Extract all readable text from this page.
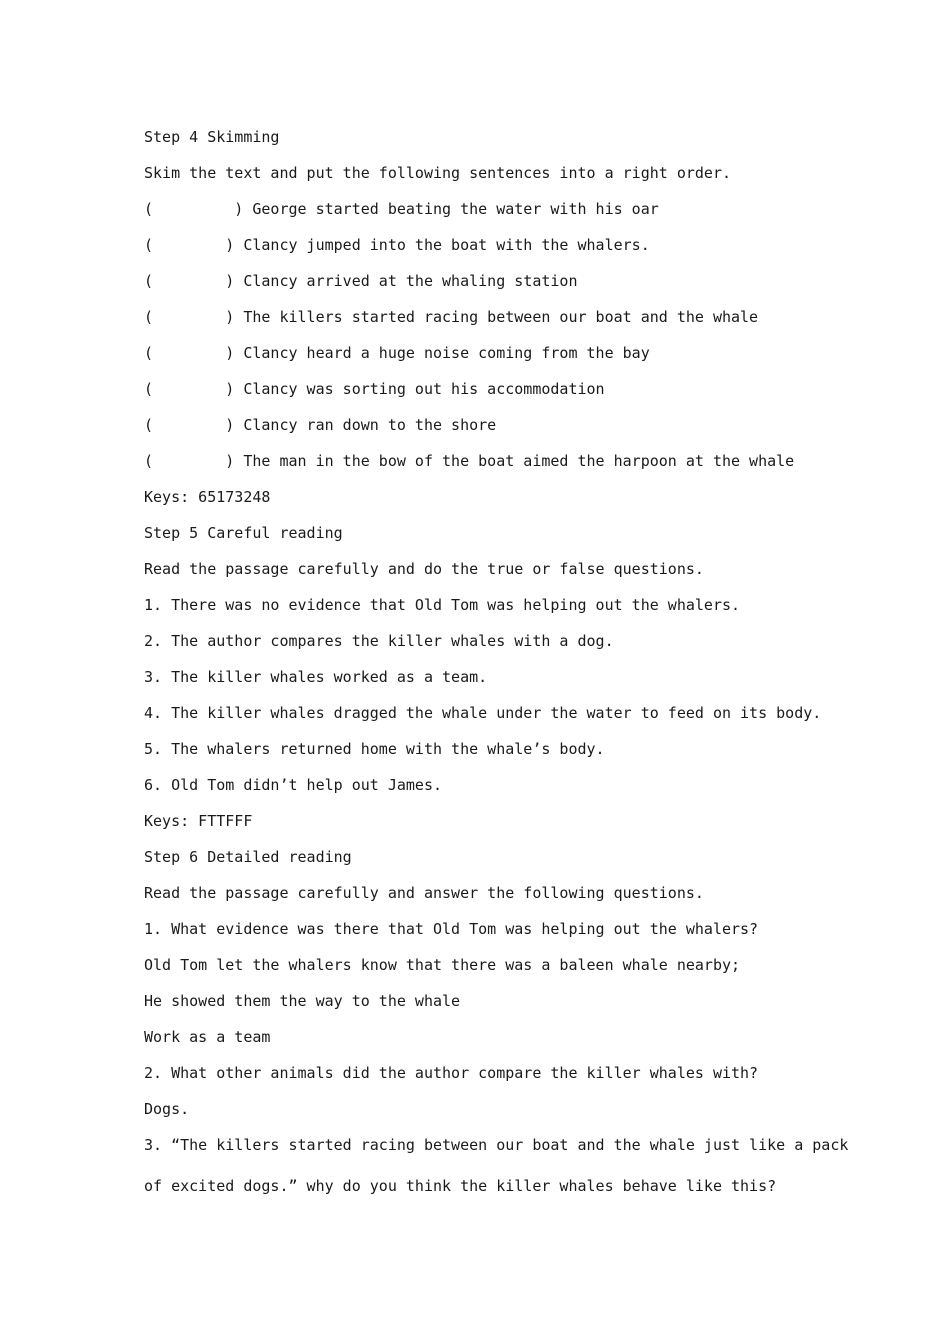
Step 4 Skimming
Skim the text and put the following sentences into a right order.
(         ) George started beating the water with his oar
(        ) Clancy jumped into the boat with the whalers.
(        ) Clancy arrived at the whaling station
(        ) The killers started racing between our boat and the whale
(        ) Clancy heard a huge noise coming from the bay
(        ) Clancy was sorting out his accommodation
(        ) Clancy ran down to the shore
(        ) The man in the bow of the boat aimed the harpoon at the whale
Keys: 65173248
Step 5 Careful reading
Read the passage carefully and do the true or false questions.
1. There was no evidence that Old Tom was helping out the whalers.
2. The author compares the killer whales with a dog.
3. The killer whales worked as a team.
4. The killer whales dragged the whale under the water to feed on its body.
5. The whalers returned home with the whale’s body.
6. Old Tom didn’t help out James.
Keys: FTTFFF
Step 6 Detailed reading
Read the passage carefully and answer the following questions.
1. What evidence was there that Old Tom was helping out the whalers?
Old Tom let the whalers know that there was a baleen whale nearby;
He showed them the way to the whale
Work as a team
2. What other animals did the author compare the killer whales with?
Dogs.
3. “The killers started racing between our boat and the whale just like a pack
of excited dogs.” why do you think the killer whales behave like this?
